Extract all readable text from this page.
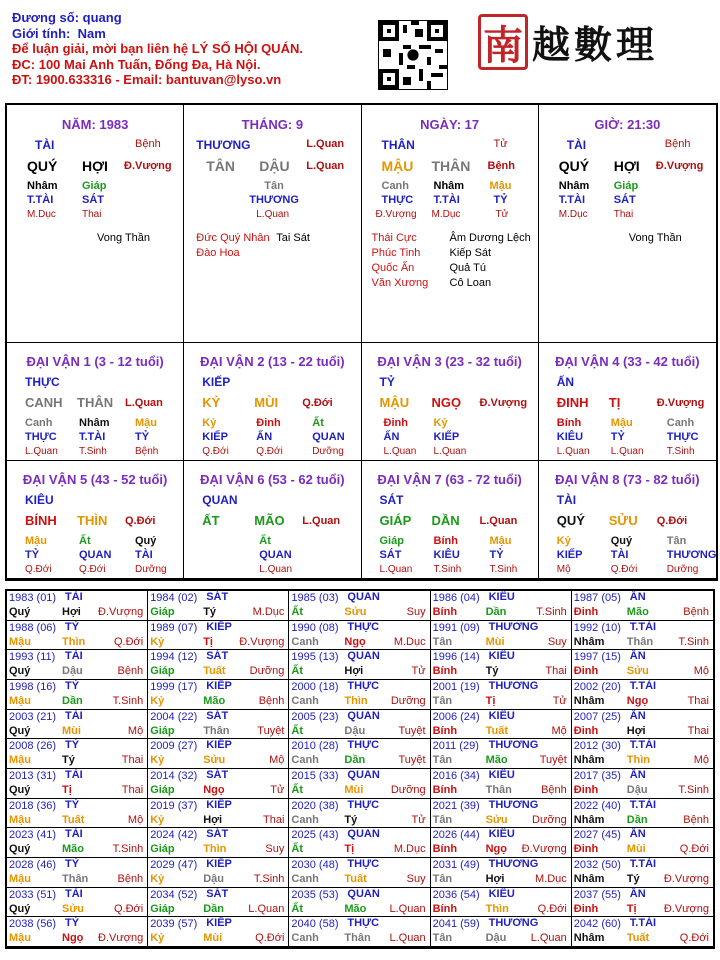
Đương số: quang
Giới tính: Nam
Để luận giải, mời bạn liên hệ LÝ SỐ HỘI QUÁN.
ĐC: 100 Mai Anh Tuấn, Đống Đa, Hà Nội.
ĐT: 1900.633316 - Email: bantuvan@lyso.vn
南 越數理
NĂM: 1983
TÀI	Bệnh
QUÝ HỢI Đ.Vượng
Nhâm Giáp
T.TÀI	SÁT
M.Dục	Thai
Vong Thần
THÁNG: 9
THƯƠNG	L.Quan
TÂN DẬU L.Quan
Tân
THƯƠNG
L.Quan
Đức Quý Nhân
Đào Hoa
Tai Sát
NGÀY: 17
THÂN	Tử
MẬU THÂN Bệnh
Canh Nhâm Mậu
THỰC T.TÀI	TỶ
Đ.Vượng M.Dục	Tử
Thái Cực
Phúc Tinh
Quốc Ấn
Văn Xương
Âm Dương Lệch
Kiếp Sát
Quả Tú
Cô Loan
GIỜ: 21:30
TÀI	Bệnh
QUÝ HỢI Đ.Vượng
Nhâm Giáp
T.TÀI	SÁT
M.Dục	Thai
Vong Thần
ĐẠI VẬN 1 (3 - 12 tuổi)
THỰC
CANH THÂN L.Quan
Canh
THỰC
L.Quan
Nhâm
T.TÀI
T.Sinh
Mậu
TỶ
Bệnh
ĐẠI VẬN 2 (13 - 22 tuổi)
KIẾP
KỶ	MÙI Q.Đới
Kỷ
KIẾP
Q.Đới
Đinh
ẤN
Q.Đới
Ất
QUAN
Dưỡng
ĐẠI VẬN 3 (23 - 32 tuổi)
TỶ
MẬU NGỌ Đ.Vượng
Đinh
ẤN
L.Quan
Kỷ
KIẾP
L.Quan
ĐẠI VẬN 4 (33 - 42 tuổi)
ẤN
ĐINH TỊ	Đ.Vượng
Bính
KIÊU
L.Quan
Mậu
TỶ
L.Quan
Canh
THỰC
T.Sinh
ĐẠI VẬN 5 (43 - 52 tuổi)
KIÊU
BÍNH THÌN Q.Đới
Mậu
TỶ
Q.Đới
Ất
QUAN
Q.Đới
Quý
TÀI
Dưỡng
ĐẠI VẬN 6 (53 - 62 tuổi)
QUAN
ẤT	MÃO L.Quan
Ất
QUAN
L.Quan
ĐẠI VẬN 7 (63 - 72 tuổi)
SÁT
GIÁP DẦN L.Quan
Giáp
SÁT
L.Quan
Bính
KIÊU
T.Sinh
Mậu
TỶ
T.Sinh
ĐẠI VẬN 8 (73 - 82 tuổi)
TÀI
QUÝ SỬU Q.Đới
Kỷ
KIẾP
Mộ
Quý
TÀI
Q.Đới
Tân
THƯƠNG
Dưỡng
1983 (01) TÀI
Quý	Hợi Đ.Vượng
1984 (02) SÁT
Giáp	Tý	M.Dục
1985 (03) QUAN
Ất	Sửu	Suy
1986 (04) KIÊU
Bính	Dần	T.Sinh
1987 (05) ẤN
Đinh	Mão	Bệnh
1988 (06) TỶ
Mậu	Thìn	Q.Đới
1989 (07) KIẾP
Kỷ	Tị Đ.Vượng
1990 (08) THỰC
Canh Ngọ	M.Dục
1991 (09) THƯƠNG
Tân	Mùi	Suy
1992 (10) T.TÀI
Nhâm Thân T.Sinh
1993 (11) TÀI
Quý	Dậu	Bệnh
1994 (12) SÁT
Giáp	Tuất Dưỡng
1995 (13) QUAN
Ất	Hợi	Tử
1996 (14) KIÊU
Bính	Tý	Thai
1997 (15) ẤN
Đinh	Sửu	Mộ
1998 (16) TỶ
Mậu	Dần	T.Sinh
1999 (17) KIẾP
Kỷ	Mão	Bệnh
2000 (18) THỰC
Canh Thìn Dưỡng
2001 (19) THƯƠNG
Tân	Tị	Tử
2002 (20) T.TÀI
Nhâm Ngọ	Thai
2003 (21) TÀI
Quý	Mùi	Mộ
2004 (22) SÁT
Giáp	Thân	Tuyệt
2005 (23) QUAN
Ất	Dậu	Tuyệt
2006 (24) KIÊU
Bính	Tuất	Mộ
2007 (25) ẤN
Đinh	Hợi	Thai
2008 (26) TỶ
Mậu	Tý	Thai
2009 (27) KIẾP
Kỷ	Sửu	Mộ
2010 (28) THỰC
Canh Dần	Tuyệt
2011 (29) THƯƠNG
Tân	Mão	Tuyệt
2012 (30) T.TÀI
Nhâm Thìn	Mộ
2013 (31) TÀI
Quý	Tị	Thai
2014 (32) SÁT
Giáp	Ngọ	Tử
2015 (33) QUAN
Ất	Mùi Dưỡng
2016 (34) KIÊU
Bính	Thân	Bệnh
2017 (35) ẤN
Đinh	Dậu	T.Sinh
2018 (36) TỶ
Mậu	Tuất	Mộ
2019 (37) KIẾP
Kỷ	Hợi	Thai
2020 (38) THỰC
Canh Tý	Tử
2021 (39) THƯƠNG
Tân	Sửu Dưỡng
2022 (40) T.TÀI
Nhâm Dần	Bệnh
2023 (41) TÀI
Quý	Mão	T.Sinh
2024 (42) SÁT
Giáp	Thìn	Suy
2025 (43) QUAN
Ất	Tị	M.Dục
2026 (44) KIÊU
Bính	Ngọ Đ.Vượng
2027 (45) ẤN
Đinh	Mùi	Q.Đới
2028 (46) TỶ
Mậu	Thân	Bệnh
2029 (47) KIẾP
Kỷ	Dậu	T.Sinh
2030 (48) THỰC
Canh Tuất	Suy
2031 (49) THƯƠNG
Tân	Hợi	M.Dục
2032 (50) T.TÀI
Nhâm Tý Đ.Vượng
2033 (51) TÀI
Quý	Sửu	Q.Đới
2034 (52) SÁT
Giáp	Dần L.Quan
2035 (53) QUAN
Ất	Mão L.Quan
2036 (54) KIÊU
Bính	Thìn	Q.Đới
2037 (55) ẤN
Đinh	Tị Đ.Vượng
2038 (56) TỶ
Mậu	Ngọ Đ.Vượng
2039 (57) KIẾP
Kỷ	Mùi	Q.Đới
2040 (58) THỰC
Canh Thân L.Quan
2041 (59) THƯƠNG
Tân	Dậu L.Quan
2042 (60) T.TÀI
Nhâm Tuất	Q.Đới
